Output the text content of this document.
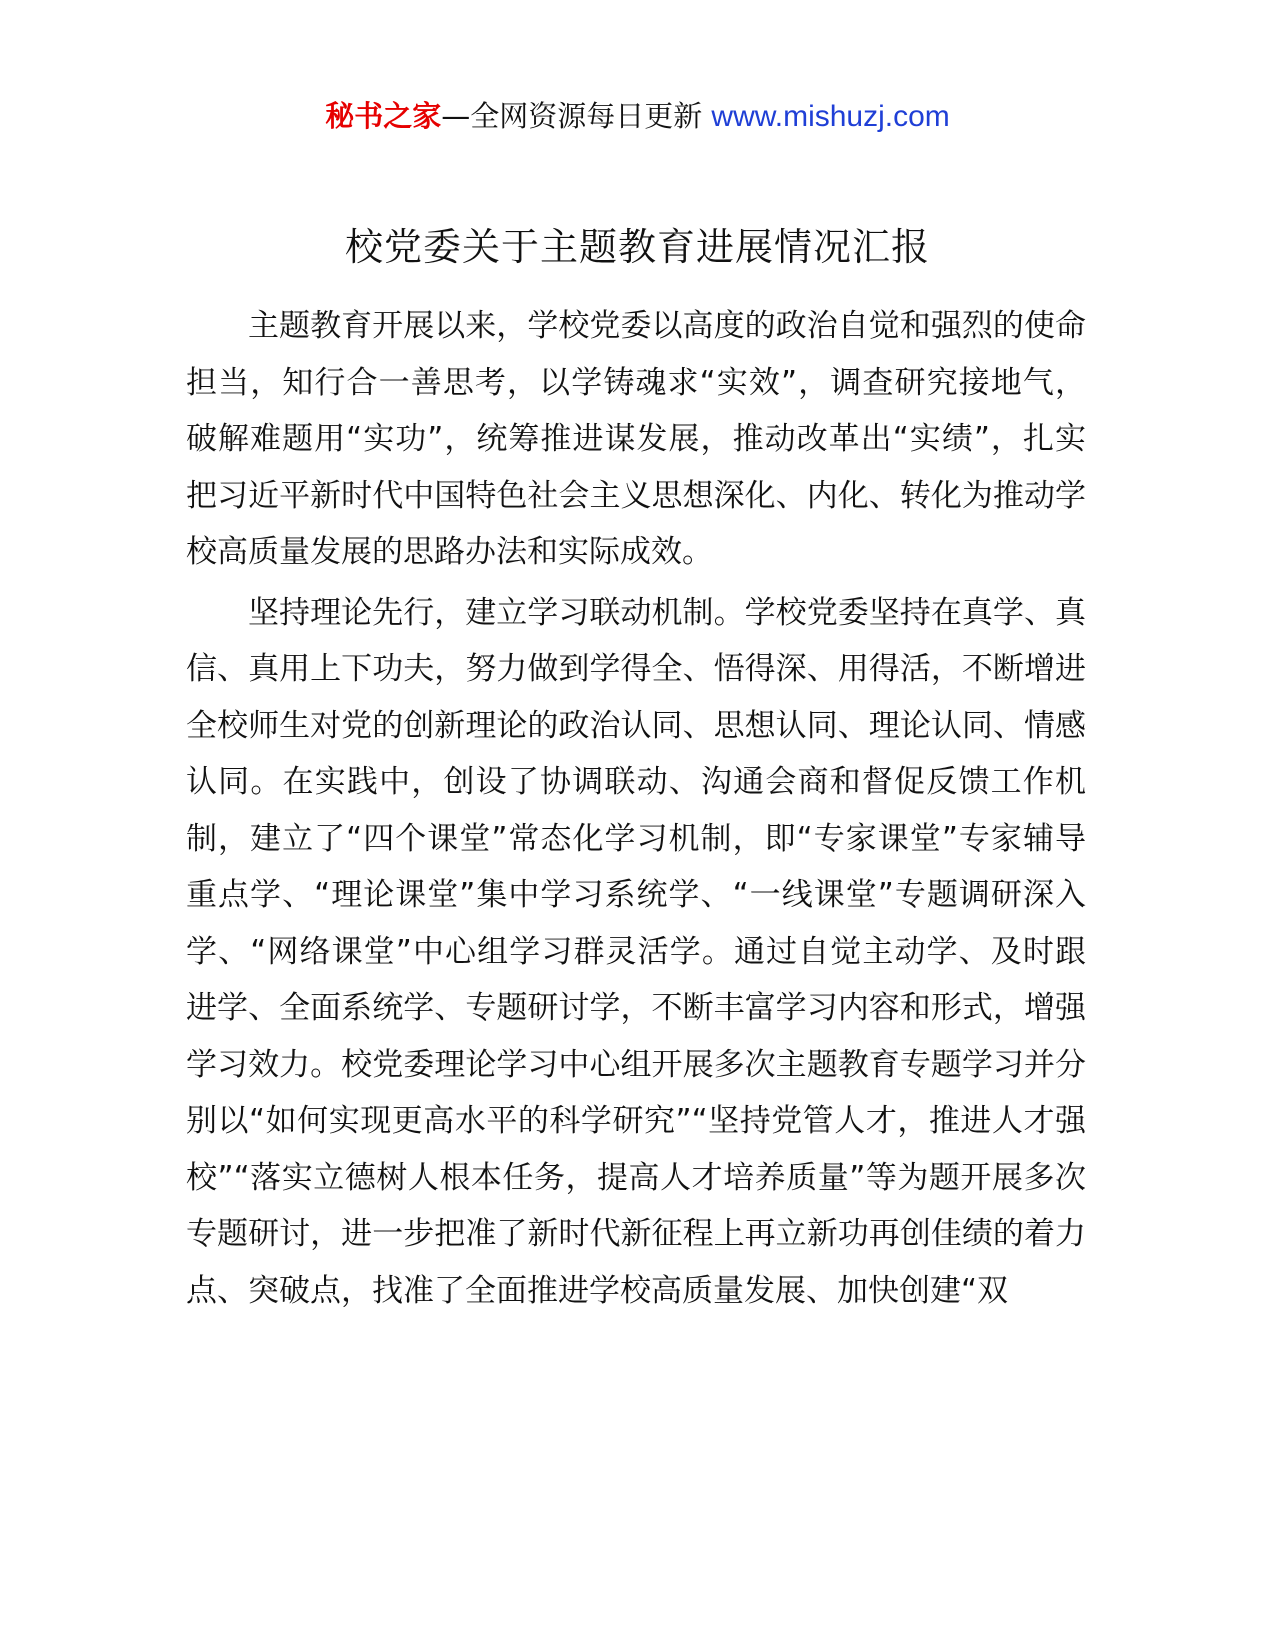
秘书之家—全网资源每日更新 www.mishuzj.com
校党委关于主题教育进展情况汇报

主题教育开展以来，学校党委以高度的政治自觉和强烈的使命担当，知行合一善思考，以学铸魂求“实效”，调查研究接地气，破解难题用“实功”，统筹推进谋发展，推动改革出“实绩”，扎实把习近平新时代中国特色社会主义思想深化、内化、转化为推动学校高质量发展的思路办法和实际成效。

坚持理论先行，建立学习联动机制。学校党委坚持在真学、真信、真用上下功夫，努力做到学得全、悟得深、用得活，不断增进全校师生对党的创新理论的政治认同、思想认同、理论认同、情感认同。在实践中，创设了协调联动、沟通会商和督促反馈工作机制，建立了“四个课堂”常态化学习机制，即“专家课堂”专家辅导重点学、“理论课堂”集中学习系统学、“一线课堂”专题调研深入学、“网络课堂”中心组学习群灵活学。通过自觉主动学、及时跟进学、全面系统学、专题研讨学，不断丰富学习内容和形式，增强学习效力。校党委理论学习中心组开展多次主题教育专题学习并分别以“如何实现更高水平的科学研究”“坚持党管人才，推进人才强校”“落实立德树人根本任务，提高人才培养质量”等为题开展多次专题研讨，进一步把准了新时代新征程上再立新功再创佳绩的着力点、突破点，找准了全面推进学校高质量发展、加快创建“双
